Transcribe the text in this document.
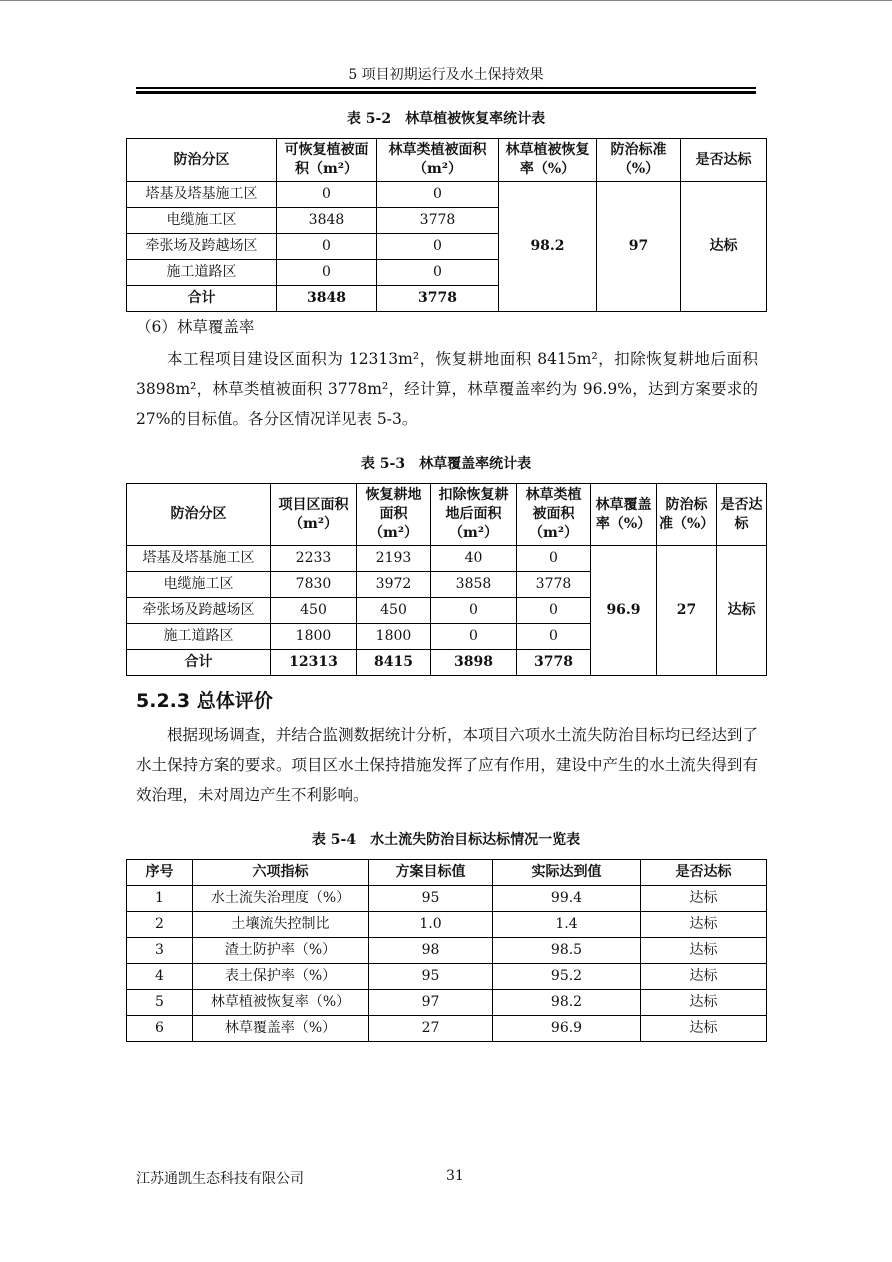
5 项目初期运行及水土保持效果
表 5-2 林草植被恢复率统计表
防治分区	可恢复植被面积（m²）	林草类植被面积（m²）	林草植被恢复率（%）	防治标准（%）	是否达标
塔基及塔基施工区	0	0	98.2	97	达标
电缆施工区	3848	3778			
牵张场及跨越场区	0	0			
施工道路区	0	0			
合计	3848	3778			
（6）林草覆盖率

本工程项目建设区面积为 12313m²，恢复耕地面积 8415m²，扣除恢复耕地后面积 3898m²，林草类植被面积 3778m²，经计算，林草覆盖率约为 96.9%，达到方案要求的 27%的目标值。各分区情况详见表 5-3。

表 5-3 林草覆盖率统计表
防治分区	项目区面积（m²）	恢复耕地面积（m²）	扣除恢复耕地后面积（m²）	林草类植被面积（m²）	林草覆盖率（%）	防治标准（%）	是否达标
塔基及塔基施工区	2233	2193	40	0	96.9	27	达标
电缆施工区	7830	3972	3858	3778			
牵张场及跨越场区	450	450	0	0			
施工道路区	1800	1800	0	0			
合计	12313	8415	3898	3778			
5.2.3 总体评价

根据现场调查，并结合监测数据统计分析，本项目六项水土流失防治目标均已经达到了水土保持方案的要求。项目区水土保持措施发挥了应有作用，建设中产生的水土流失得到有效治理，未对周边产生不利影响。

表 5-4 水土流失防治目标达标情况一览表
序号	六项指标	方案目标值	实际达到值	是否达标
1	水土流失治理度（%）	95	99.4	达标
2	土壤流失控制比	1.0	1.4	达标
3	渣土防护率（%）	98	98.5	达标
4	表土保护率（%）	95	95.2	达标
5	林草植被恢复率（%）	97	98.2	达标
6	林草覆盖率（%）	27	96.9	达标
江苏通凯生态科技有限公司	31
